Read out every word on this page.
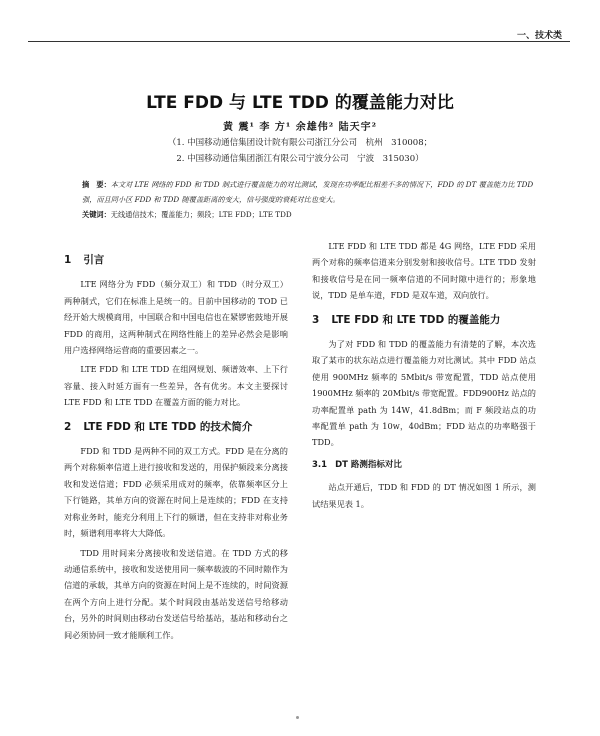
一、技术类
LTE FDD 与 LTE TDD 的覆盖能力对比
黄 震¹ 李 方¹ 余雄伟² 陆天宇²
（1. 中国移动通信集团设计院有限公司浙江分公司　杭州　310008；
2. 中国移动通信集团浙江有限公司宁波分公司　宁波　315030）
摘　要：本文对 LTE 网络的 FDD 和 TDD 制式进行覆盖能力的对比测试，发现在功率配比相差不多的情况下，FDD 的 DT 覆盖能力比 TDD 强，而且同小区 FDD 和 TDD 随覆盖距离的变大，信号强度的衰耗对比也变大。
关键词：无线通信技术；覆盖能力；频段；LTE FDD；LTE TDD
1 引言

LTE 网络分为 FDD（频分双工）和 TDD（时分双工）两种制式，它们在标准上是统一的。目前中国移动的 TOD 已经开始大规模商用，中国联合和中国电信也在紧锣密鼓地开展 FDD 的商用，这两种制式在网络性能上的差异必然会是影响用户选择网络运营商的重要因素之一。

LTE FDD 和 LTE TDD 在组网规划、频谱效率、上下行容量、接入时延方面有一些差异，各有优劣。本文主要探讨 LTE FDD 和 LTE TDD 在覆盖方面的能力对比。

2 LTE FDD 和 LTE TDD 的技术简介

FDD 和 TDD 是两种不同的双工方式。FDD 是在分离的两个对称频率信道上进行接收和发送的，用保护频段来分离接收和发送信道；FDD 必须采用成对的频率，依靠频率区分上下行链路，其单方向的资源在时间上是连续的；FDD 在支持对称业务时，能充分利用上下行的频谱，但在支持非对称业务时，频谱利用率将大大降低。

TDD 用时间来分离接收和发送信道。在 TDD 方式的移动通信系统中，接收和发送使用同一频率载波的不同时隙作为信道的承载，其单方向的资源在时间上是不连续的，时间资源在两个方向上进行分配。某个时间段由基站发送信号给移动台，另外的时间则由移动台发送信号给基站，基站和移动台之间必须协同一致才能顺利工作。

LTE FDD 和 LTE TDD 都是 4G 网络，LTE FDD 采用两个对称的频率信道来分别发射和接收信号。LTE TDD 发射和接收信号是在同一频率信道的不同时隙中进行的；形象地说，TDD 是单车道，FDD 是双车道，双向放行。

3 LTE FDD 和 LTE TDD 的覆盖能力

为了对 FDD 和 TDD 的覆盖能力有清楚的了解，本次选取了某市的状东站点进行覆盖能力对比测试。其中 FDD 站点使用 900MHz 频率的 5Mbit/s 带宽配置，TDD 站点使用 1900MHz 频率的 20Mbit/s 带宽配置。FDD900Hz 站点的功率配置单 path 为 14W，41.8dBm；而 F 频段站点的功率配置单 path 为 10w，40dBm；FDD 站点的功率略强于 TDD。

3.1 DT 路测指标对比

站点开通后，TDD 和 FDD 的 DT 情况如图 1 所示，测试结果见表 1。
